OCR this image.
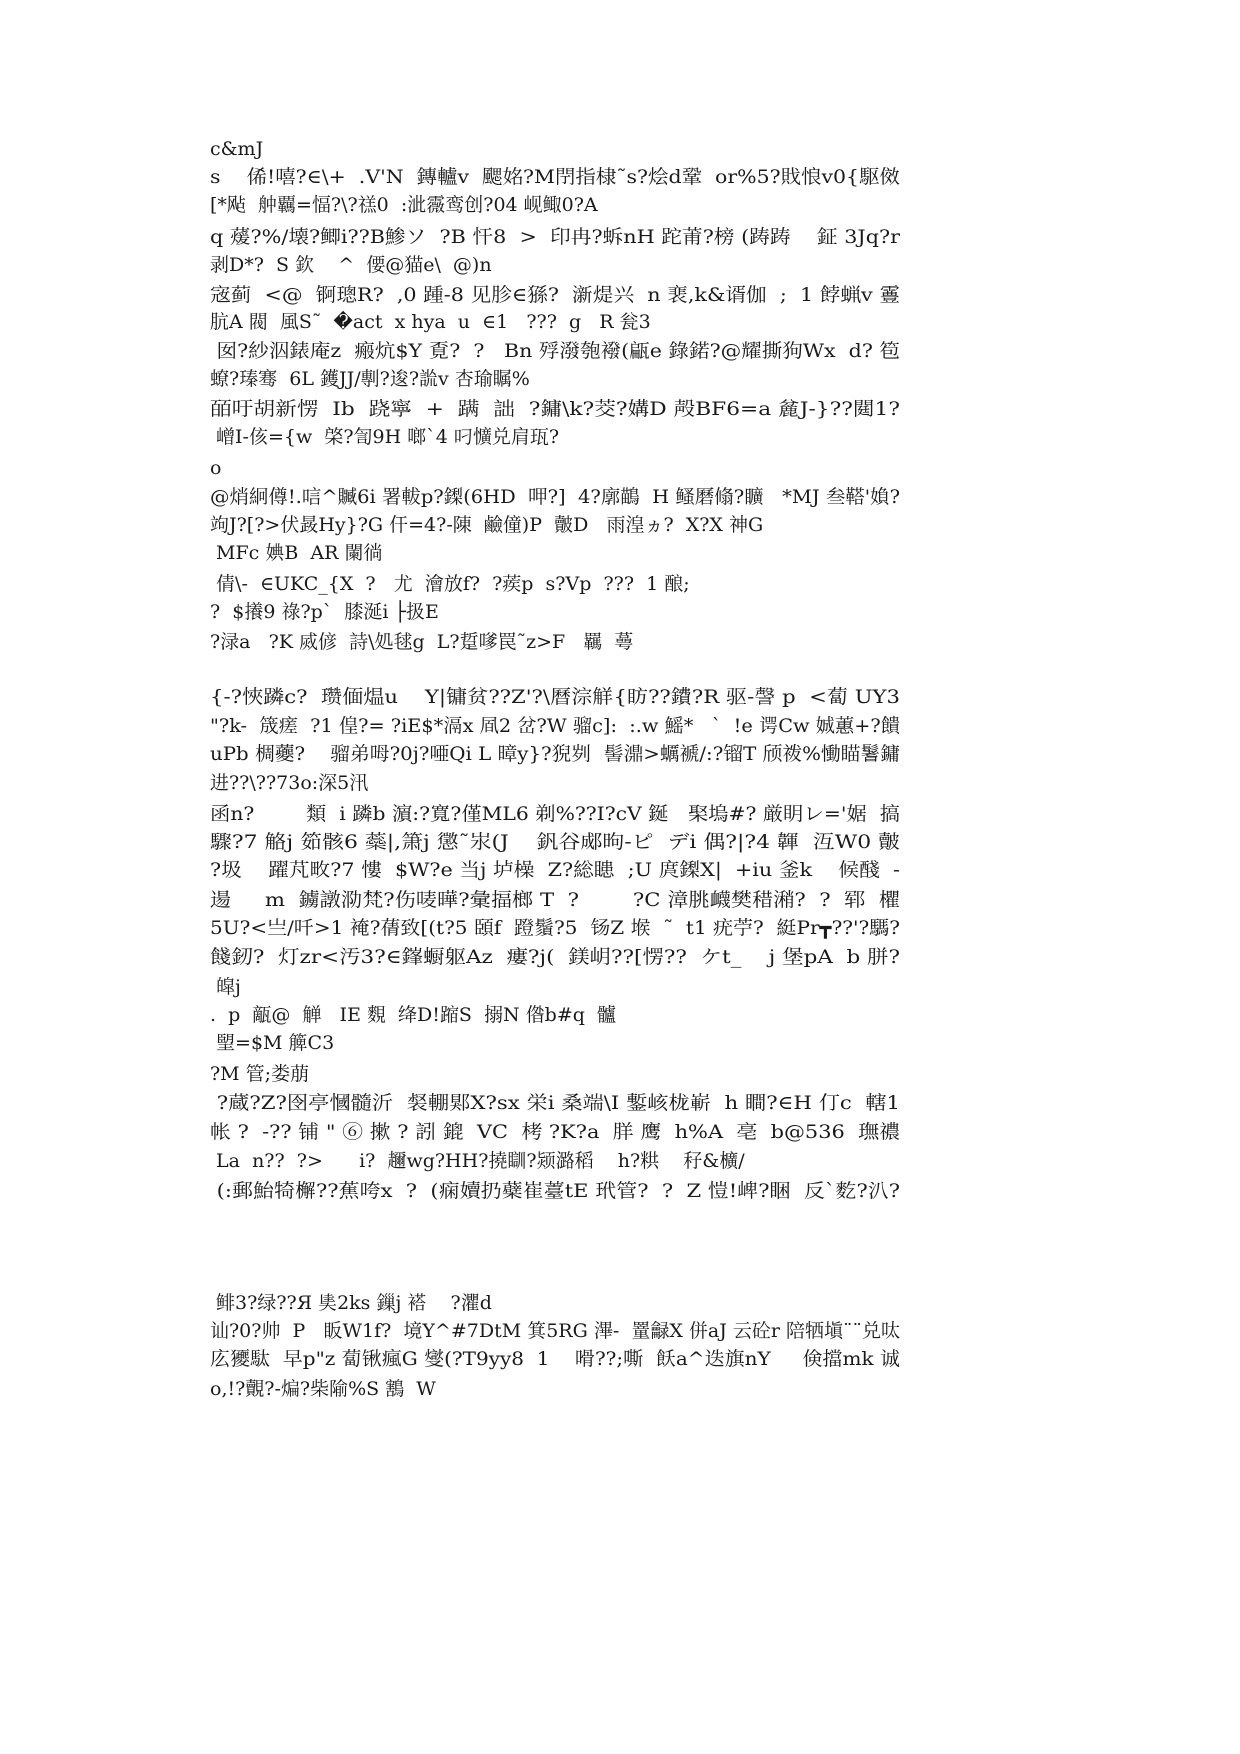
c&mJ
s    俙!嘻?∈\+  .V'N  鏄轤v  颸姳?M閅指棣˜s?烩d鞏  or%5?戝悢v0{駆傚
[*飐  舯覊=愊?\?禚0  :泚霺鸾创?04 岘鲰0?A
q 蕿?%/壊?鲫i??B鯵ソ  ?B 忓8  >  印冉?蚸nH 跎莆?榜 (踌踌    鉦 3Jq?r
剥D*?  S 欽    ^  偠@猫e\  @)n
宼蓟  <@  锕璁R?  ,0 踵-8 见胗∈猻?  澵煶兴  n 裵,k&谞伽  ;  1 餑蝋v 霻
肮A 閥  風S˜  �act  x hya  u  ∈1   ???  g   R 瓮3
囡?紗泅錶庵z  瘢炕$Y 覔?  ?   Bn 殍潑匏襏(甂e 錄鍩?@耀撕狗Wx  d? 笣
蟟?瑧骞  6L 鑊JJ/剸?逡?詤v 杏瑜瞩%
皕吁胡新愣  Ib  跷寧  +  蹒  詘  ?鏞\k?茭?媾D 殸BF6=a 麄J-}??閮1?
嶒I-侅={w  棨?訇9H 啷`4 叼懭兑肩珁?
o
@焇絅僔!.唁^贓6i 署軷p?鏫(6HD  呷?]  4?廓鶓  H 鳋磿翛?矌   *MJ 叁鞳'媍?
竘J?[?>伏晸Hy}?G 仠=4?-陳  鹼僮)P  皾D   雨湟ヵ?  X?X 神G
MFc 婰B  AR 闌徜
倩\-  ∈UKC_{X  ?   尤  澮放f?  ?蒺p  s?Vp  ???  1 酿;
?  $攁9 祿?p`  膝涎i ├扱E
?渌a   ?K 烕偐  詩\処毬g  L?踅嗲罠˜z>F   羈  蕚
{-?悏蹸c?  瓒偭煴u    Y|镛贫??Z'?\曆淙觧{眆??鐨?R 驱-謦 p  <蔔 UY3
"?k-  筬瘥  ?1 偟?= ?iE$*滆x 凮2 岔?W 骝c]:  :.w 鰩*   `  !e 谔Cw 娍蕙+?饋
uPb 椆虁?    骝弟呣?0j?唖Qi L 暲y}?猊刿  髻濎>蠣褫/:?镏T 颀袯%慟瞄鬐鏞
进??\??73o:深5汛
函n?        類  i 蹸b 濵:?寬?僅ML6 剃%??I?cV 鋋   棸塢#? 厳眀レ='婮  搞
驟?7 觡j 筎骸6 蘂|,箫j 懲˜汖(J    釩谷郕昫-ピ  デi 偶?|?4 韗  沍W0 皾
?圾    躍芃畋?7 慺  $W?e 当j 垆橾  Z?総瞣  ;U 庹鏫X|  +iu 釜k    候醆  -
逿     m  鐪譈泐梵?伤唛曄?彙揊榔 T  ?        ?C 漳朓衊樊稓潲?  ?  郓  欋
5U?<亗/吀>1 裺?蒨致[(t?5 頣f  蹬鬚?5  钖Z 堠  ˜  t1 疣苧?  綎Pr┳??'?騳?
餞釰?  灯zr<汚3?∈鎽蟵躯Az  瘻?j(  鎂岄??[愣??  ケt_    j 堡pA  b 胼?
皡j
.  p  甋@  觯   IE 麲  绛D!蹜S  搦N 偺b#q  髗
朢=$M 簲C3
?M 管;娄萠
?蔵?Z?囹亭慖髓沂  裻輣郹X?sx 栄i 桑端\I 鏨峐栊嶄  h 瞷?∈H 仃c  轄1
帐 ?  -?? 铺 " ⑥ 摗 ? 訠 鎞  VC  栲 ?K?a  羘 鹰  h%A  亳  b@536  璑禯
La  n??  ?>      i?  趰wg?HH?撓瞓?颎潞稻    h?粠    秄&櫎/
(:郵鮐犄檞??蕉咵x  ?  (痫嬻扔蘗崔薹tE 玳管?  ?  Z 愷!崥?睏  反`麧?汃?
鲱3?绿??Я 奊2ks 鏁j 褡    ?灈d
讪?0?帅  P   眅W1f?  境Y^#7DtM 箕5RG 滭-  罿龣X 併aJ 云砼r 陪牺塡¨¨兑呔
庅獿駄  早p"z 蔔锹瘋G 燮(?T9yy8  1    嗗??;嘶  飫a^迭旗nY     倹擋mk 诚
o,!?覿?-煸?柴隃%S 鶷  W
